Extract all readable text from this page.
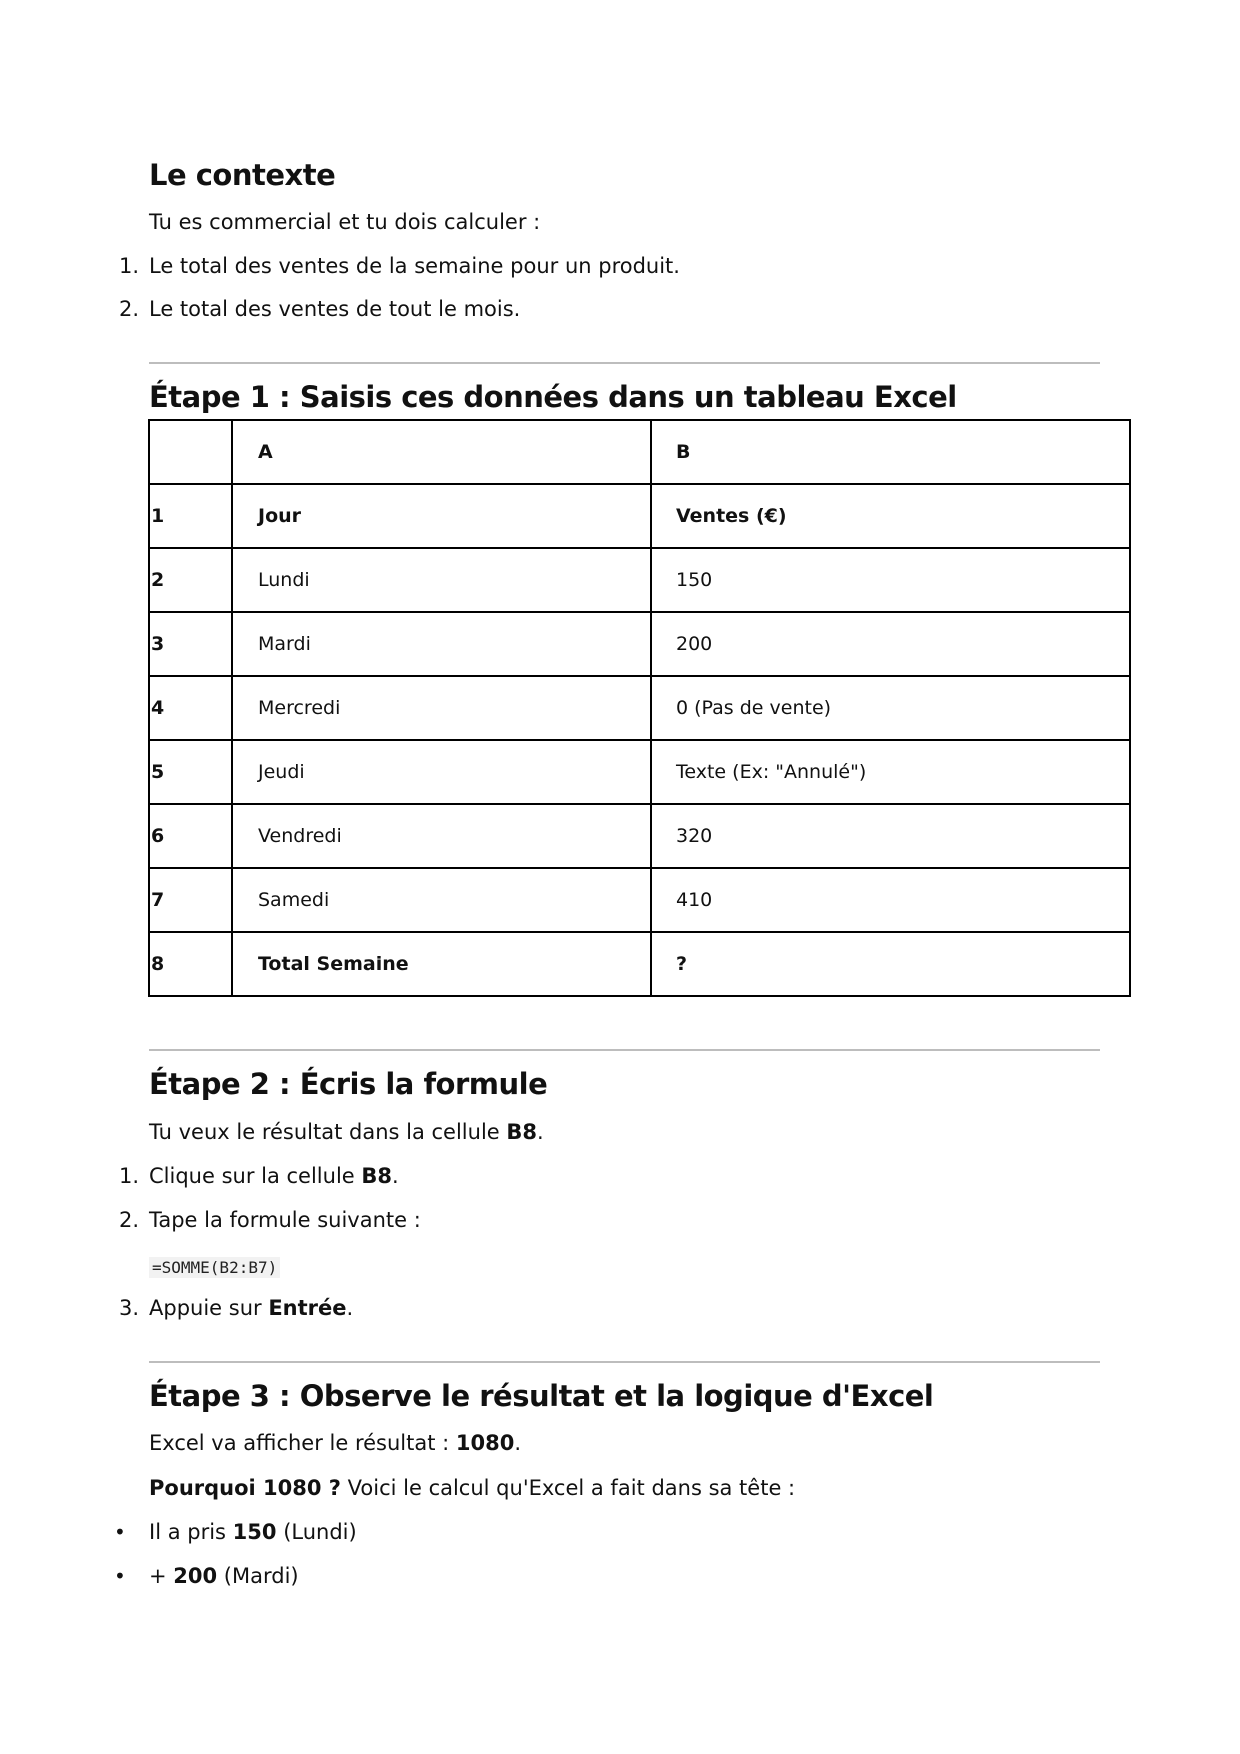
Le contexte

Tu es commercial et tu dois calculer :

1. Le total des ventes de la semaine pour un produit.
2. Le total des ventes de tout le mois.
Étape 1 : Saisis ces données dans un tableau Excel
	A	B
1	Jour	Ventes (€)
2	Lundi	150
3	Mardi	200
4	Mercredi	0 (Pas de vente)
5	Jeudi	Texte (Ex: "Annulé")
6	Vendredi	320
7	Samedi	410
8	Total Semaine	?
Étape 2 : Écris la formule

Tu veux le résultat dans la cellule B8.

1. Clique sur la cellule B8.
2. Tape la formule suivante :
=SOMME(B2:B7)
3. Appuie sur Entrée.
Étape 3 : Observe le résultat et la logique d'Excel

Excel va afficher le résultat : 1080.

Pourquoi 1080 ? Voici le calcul qu'Excel a fait dans sa tête :

• Il a pris 150 (Lundi)
• + 200 (Mardi)
